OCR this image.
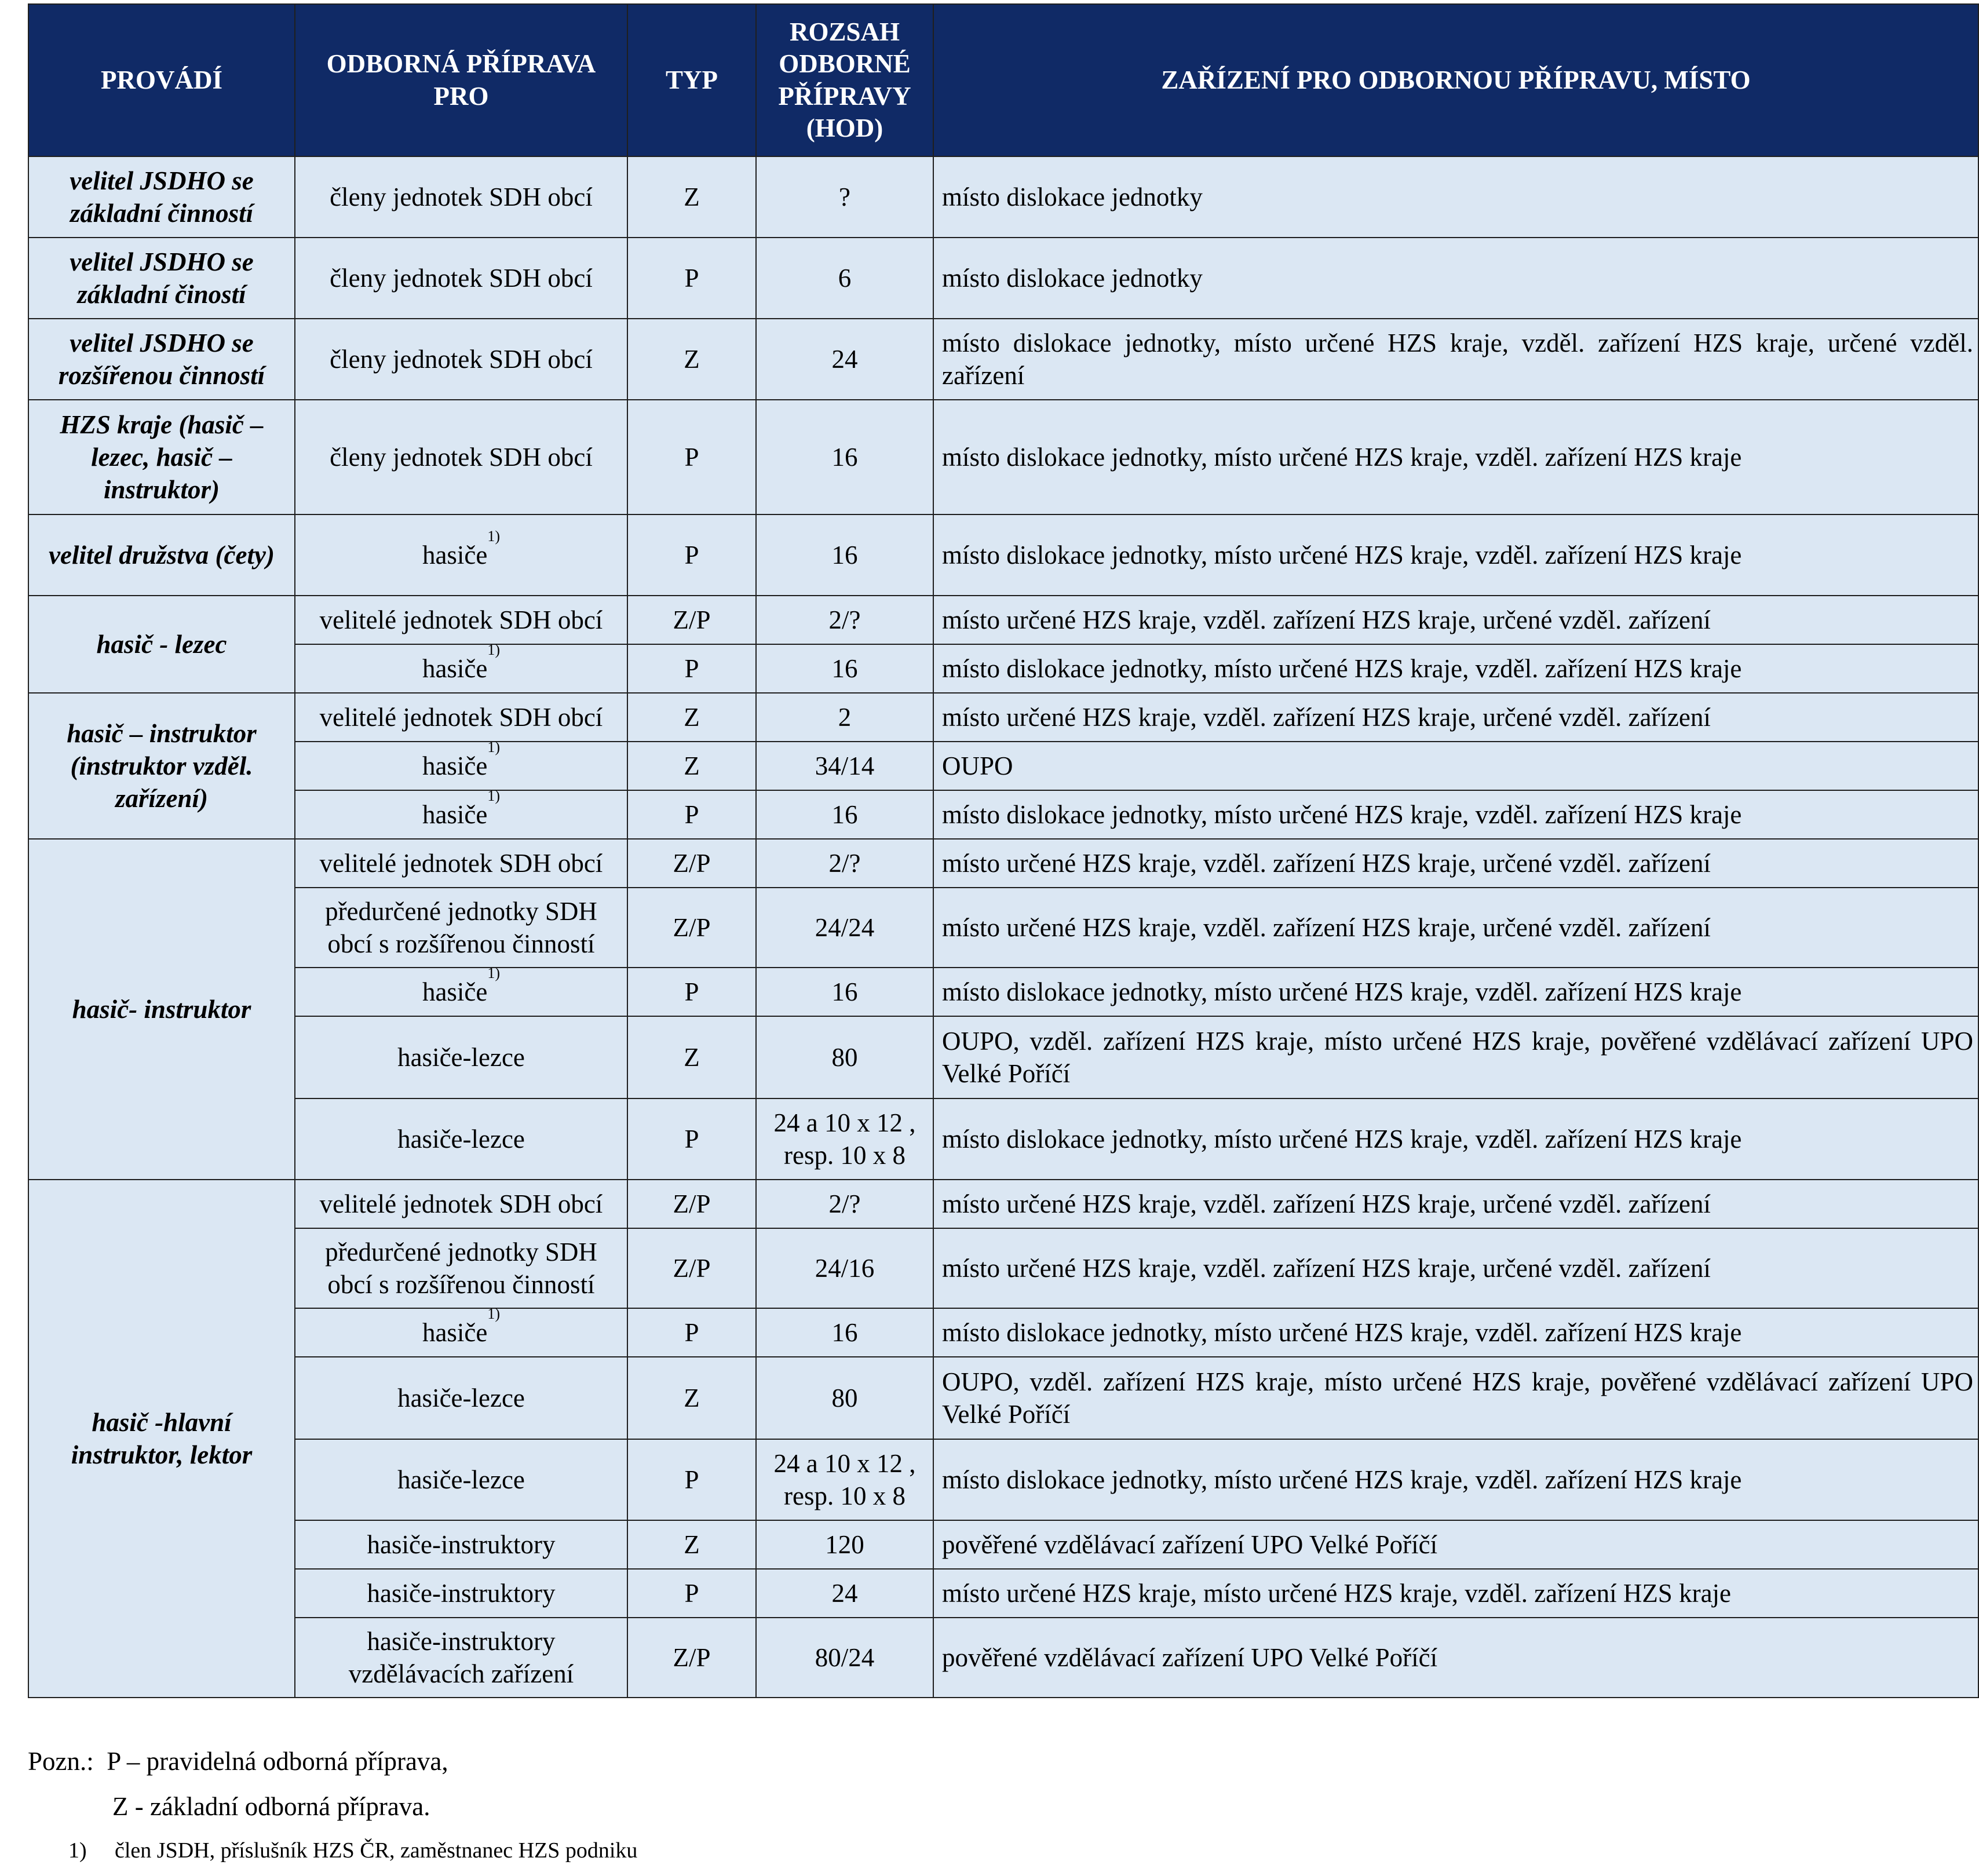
PROVÁDÍ	ODBORNÁ PŘÍPRAVA PRO	TYP	ROZSAH ODBORNÉ PŘÍPRAVY (HOD)	ZAŘÍZENÍ PRO ODBORNOU PŘÍPRAVU, MÍSTO
velitel JSDHO se základní činností	členy jednotek SDH obcí	Z	?	místo dislokace jednotky
velitel JSDHO se základní čiností	členy jednotek SDH obcí	P	6	místo dislokace jednotky
velitel JSDHO se rozšířenou činností	členy jednotek SDH obcí	Z	24	místo dislokace jednotky, místo určené HZS kraje, vzděl. zařízení HZS kraje, určené vzděl. zařízení
HZS kraje (hasič – lezec, hasič – instruktor)	členy jednotek SDH obcí	P	16	místo dislokace jednotky, místo určené HZS kraje, vzděl. zařízení HZS kraje
velitel družstva (čety)	hasiče$^{1)}$	P	16	místo dislokace jednotky, místo určené HZS kraje, vzděl. zařízení HZS kraje
hasič - lezec	velitelé jednotek SDH obcí	Z/P	2/?	místo určené HZS kraje, vzděl. zařízení HZS kraje, určené vzděl. zařízení
	hasiče$^{1)}$	P	16	místo dislokace jednotky, místo určené HZS kraje, vzděl. zařízení HZS kraje
hasič – instruktor (instruktor vzděl. zařízení)	velitelé jednotek SDH obcí	Z	2	místo určené HZS kraje, vzděl. zařízení HZS kraje, určené vzděl. zařízení
	hasiče$^{1)}$	Z	34/14	OUPO
	hasiče$^{1)}$	P	16	místo dislokace jednotky, místo určené HZS kraje, vzděl. zařízení HZS kraje
hasič- instruktor	velitelé jednotek SDH obcí	Z/P	2/?	místo určené HZS kraje, vzděl. zařízení HZS kraje, určené vzděl. zařízení
	předurčené jednotky SDH obcí s rozšířenou činností	Z/P	24/24	místo určené HZS kraje, vzděl. zařízení HZS kraje, určené vzděl. zařízení
	hasiče$^{1)}$	P	16	místo dislokace jednotky, místo určené HZS kraje, vzděl. zařízení HZS kraje
	hasiče-lezce	Z	80	OUPO, vzděl. zařízení HZS kraje, místo určené HZS kraje, pověřené vzdělávací zařízení UPO Velké Poříčí
	hasiče-lezce	P	24 a 10 x 12 , resp. 10 x 8	místo dislokace jednotky, místo určené HZS kraje, vzděl. zařízení HZS kraje
hasič -hlavní instruktor, lektor	velitelé jednotek SDH obcí	Z/P	2/?	místo určené HZS kraje, vzděl. zařízení HZS kraje, určené vzděl. zařízení
	předurčené jednotky SDH obcí s rozšířenou činností	Z/P	24/16	místo určené HZS kraje, vzděl. zařízení HZS kraje, určené vzděl. zařízení
	hasiče$^{1)}$	P	16	místo dislokace jednotky, místo určené HZS kraje, vzděl. zařízení HZS kraje
	hasiče-lezce	Z	80	OUPO, vzděl. zařízení HZS kraje, místo určené HZS kraje, pověřené vzdělávací zařízení UPO Velké Poříčí
	hasiče-lezce	P	24 a 10 x 12 , resp. 10 x 8	místo dislokace jednotky, místo určené HZS kraje, vzděl. zařízení HZS kraje
	hasiče-instruktory	Z	120	pověřené vzdělávací zařízení UPO Velké Poříčí
	hasiče-instruktory	P	24	místo určené HZS kraje, místo určené HZS kraje, vzděl. zařízení HZS kraje
	hasiče-instruktory vzdělávacích zařízení	Z/P	80/24	pověřené vzdělávací zařízení UPO Velké Poříčí
Pozn.: P – pravidelná odborná příprava,
Z - základní odborná příprava.
1) člen JSDH, příslušník HZS ČR, zaměstnanec HZS podniku
